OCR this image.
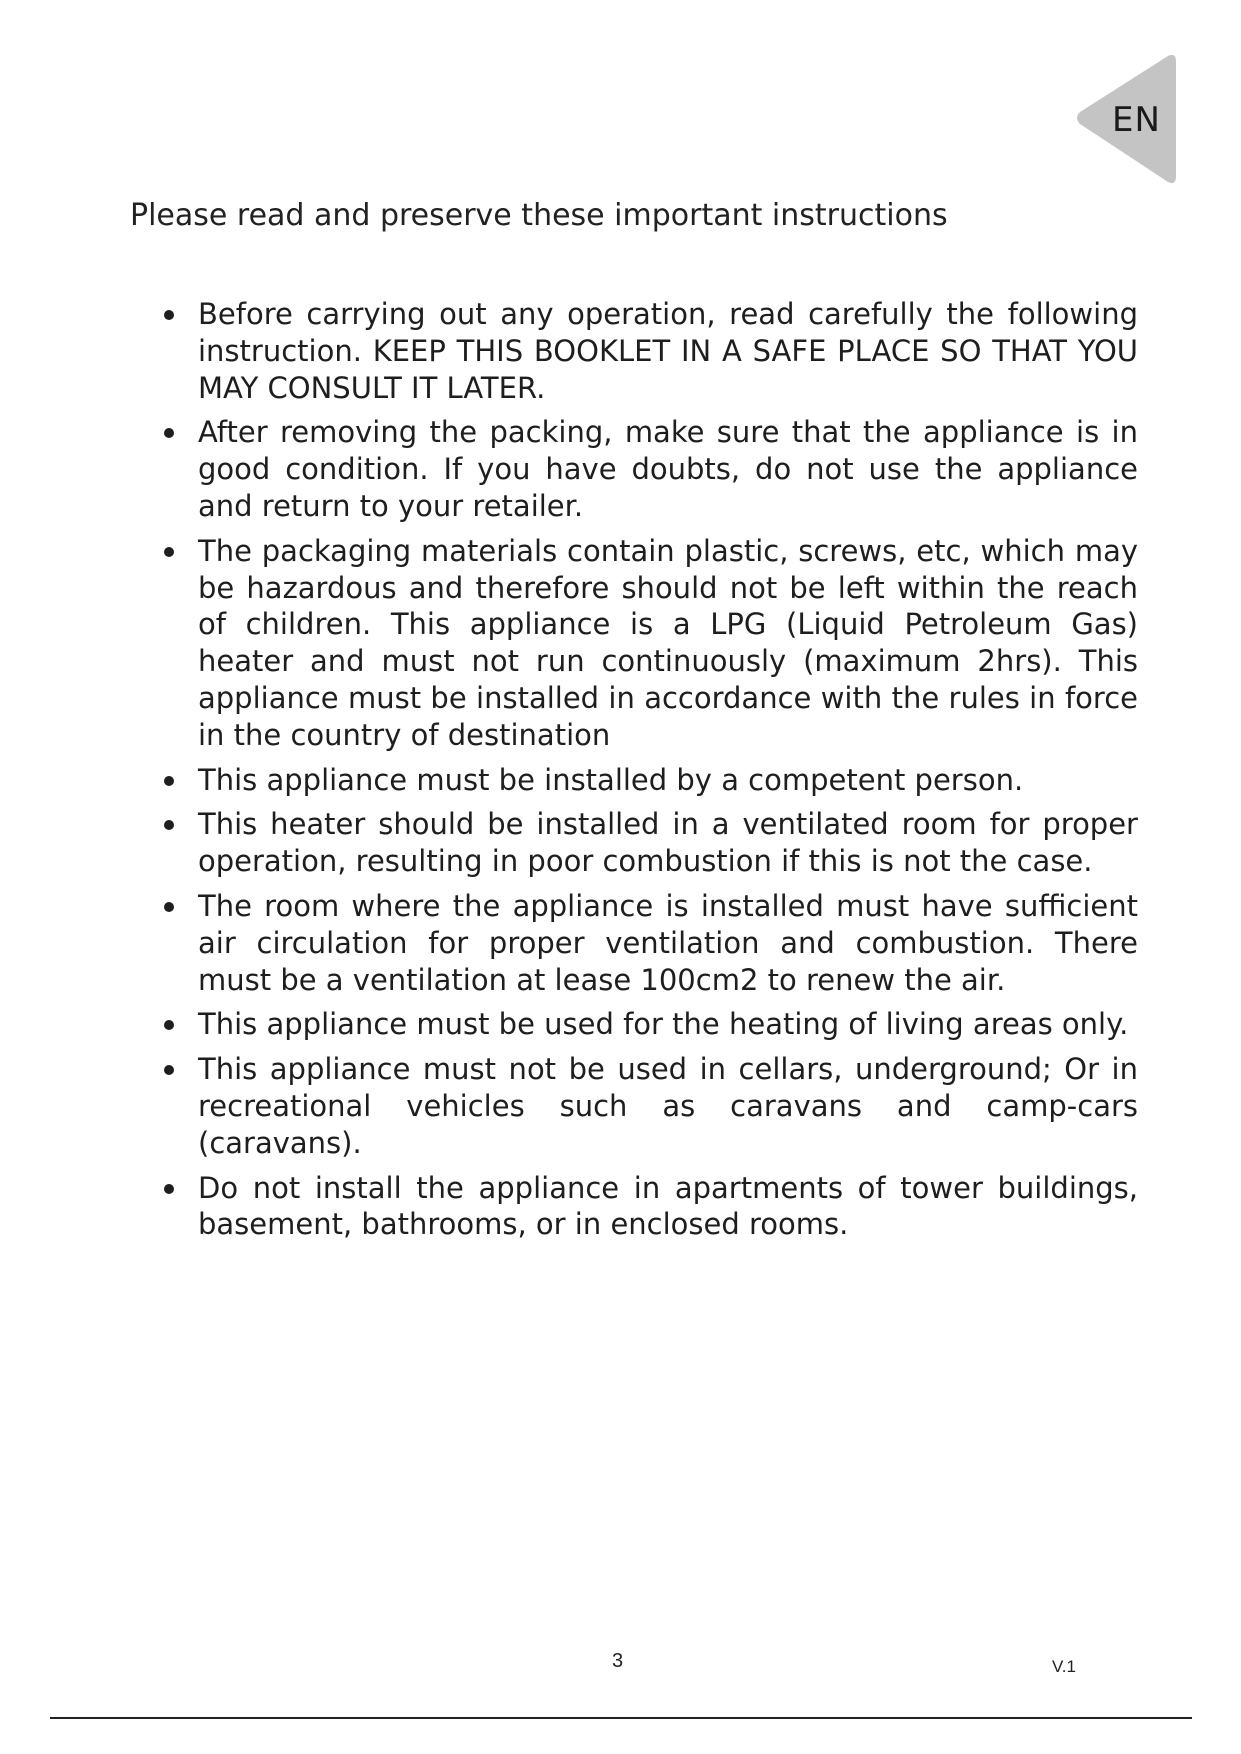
EN
Please read and preserve these important instructions
Before carrying out any operation, read carefully the following instruction. KEEP THIS BOOKLET IN A SAFE PLACE SO THAT YOU MAY CONSULT IT LATER.
After removing the packing, make sure that the appliance is in good condition. If you have doubts, do not use the appliance and return to your retailer.
The packaging materials contain plastic, screws, etc, which may be hazardous and therefore should not be left within the reach of children. This appliance is a LPG (Liquid Petroleum Gas) heater and must not run continuously (maximum 2hrs). This appliance must be installed in accordance with the rules in force in the country of destination
This appliance must be installed by a competent person.
This heater should be installed in a ventilated room for proper operation, resulting in poor combustion if this is not the case.
The room where the appliance is installed must have sufficient air circulation for proper ventilation and combustion. There must be a ventilation at lease 100cm2 to renew the air.
This appliance must be used for the heating of living areas only.
This appliance must not be used in cellars, underground; Or in recreational vehicles such as caravans and camp-cars (caravans).
Do not install the appliance in apartments of tower buildings, basement, bathrooms, or in enclosed rooms.
3	V.1
